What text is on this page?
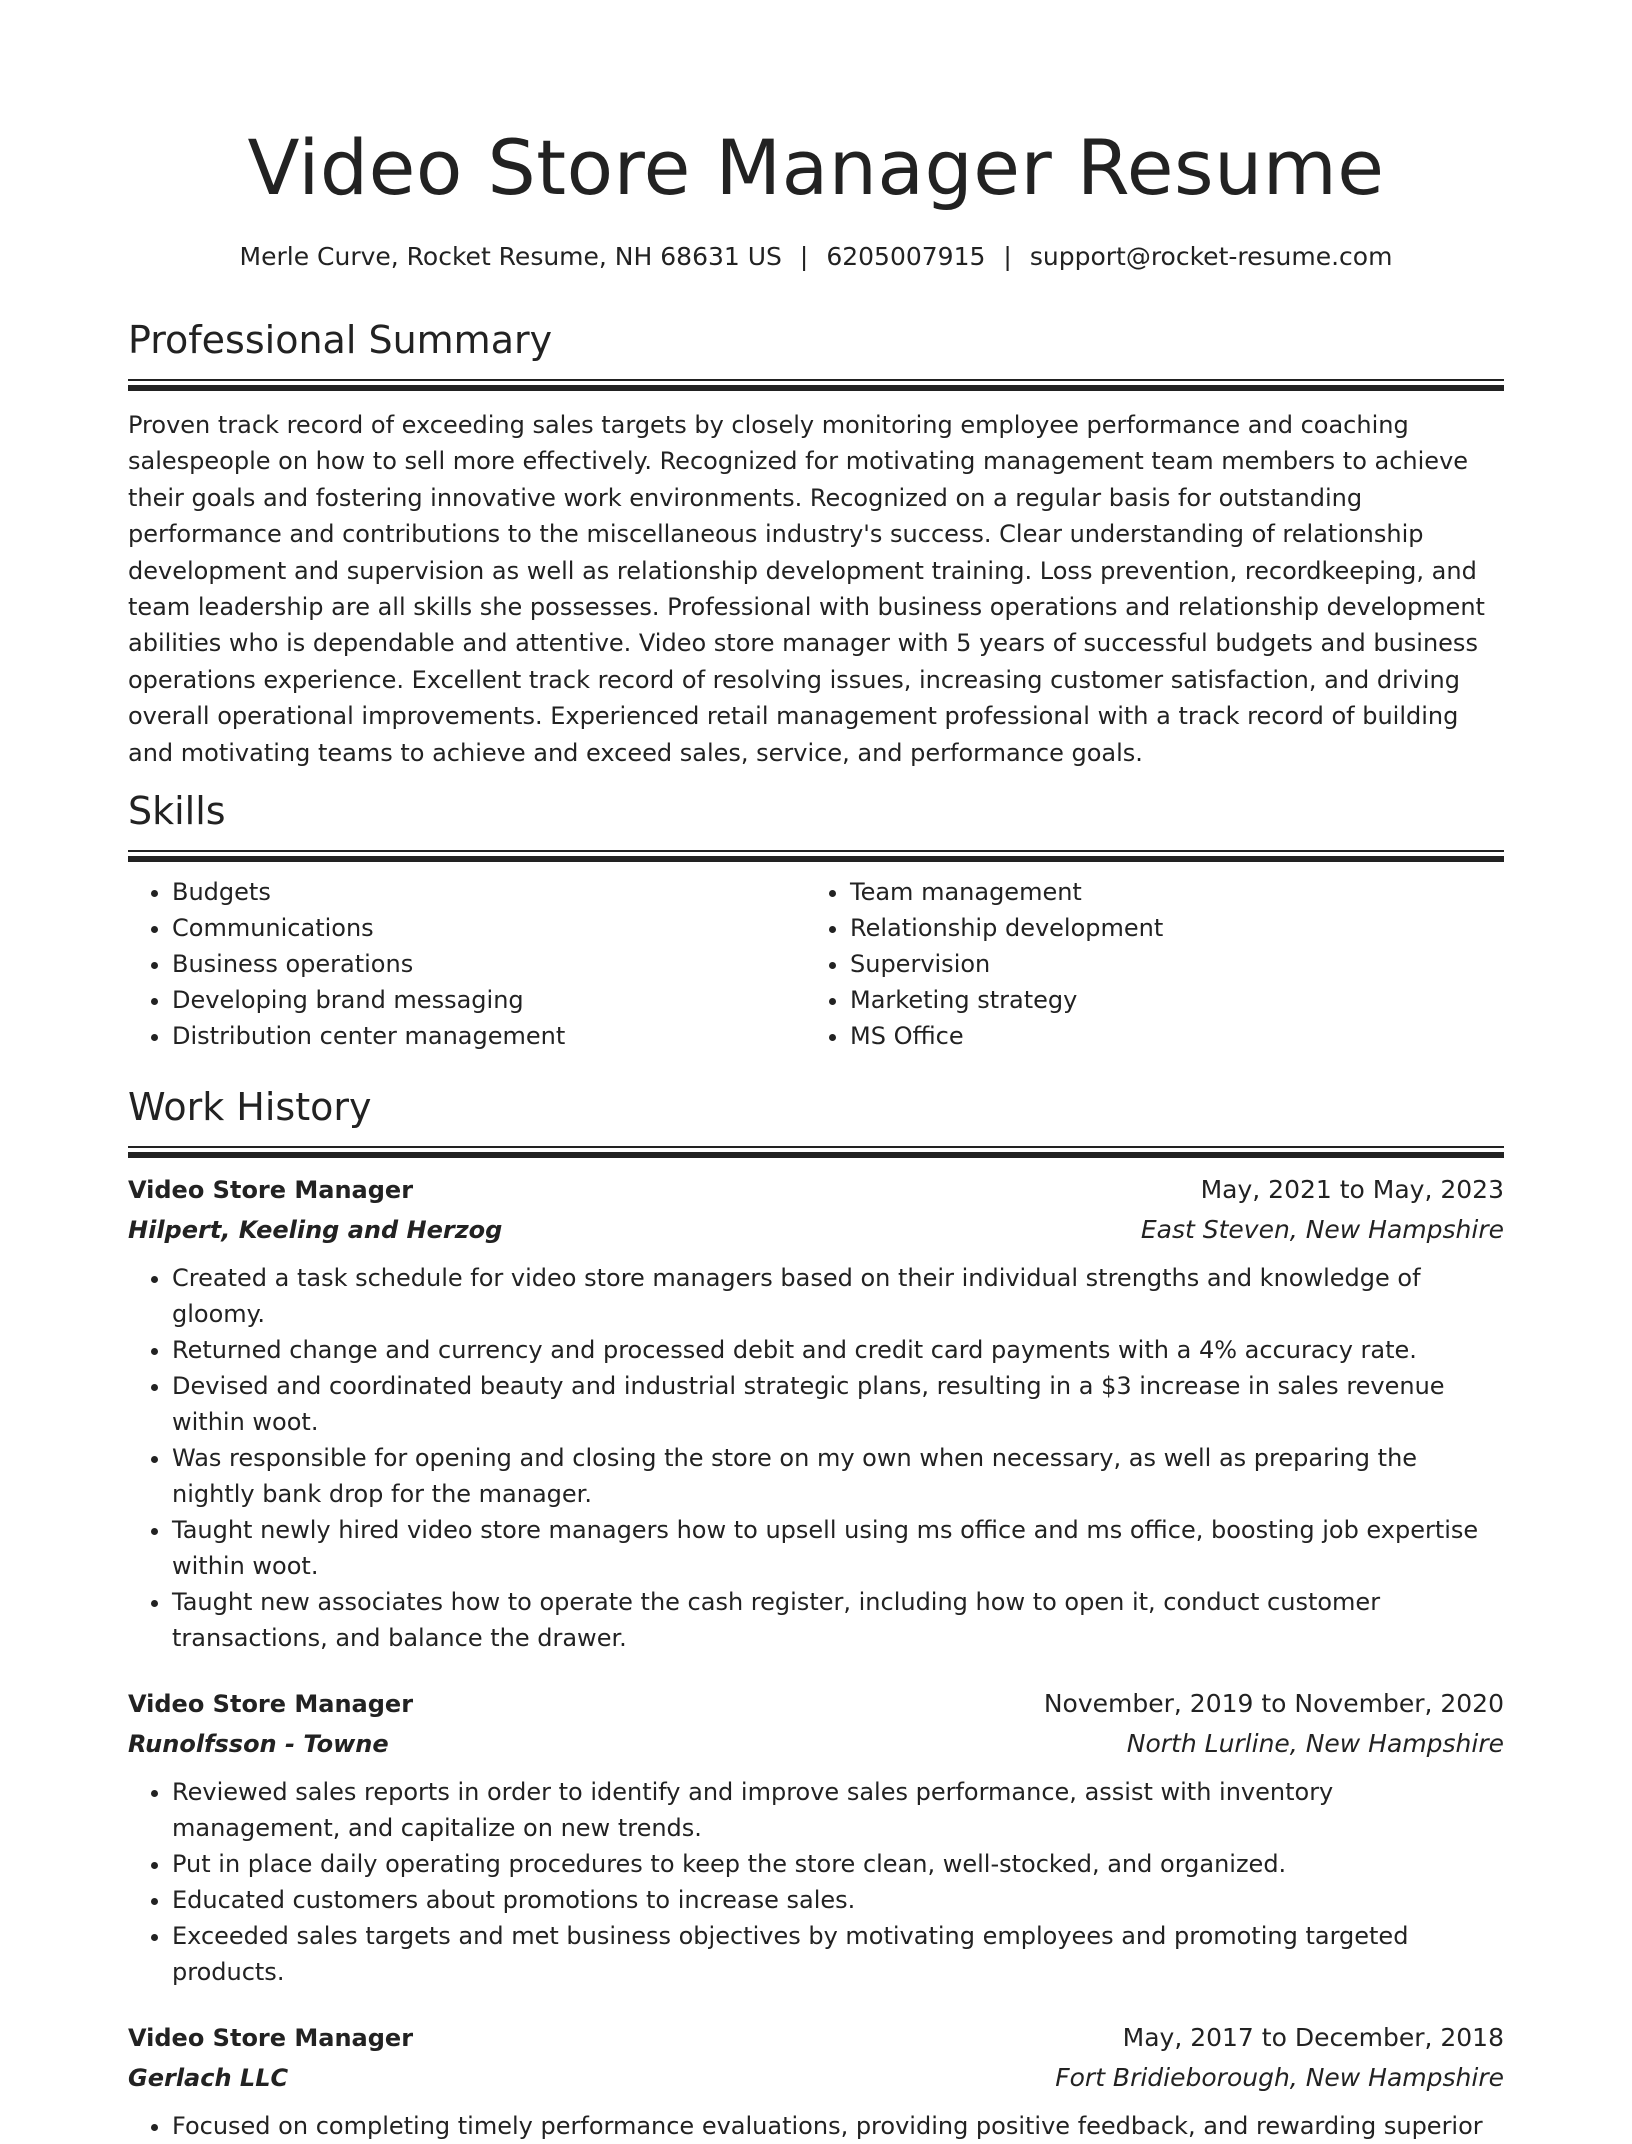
Video Store Manager Resume
Merle Curve, Rocket Resume, NH 68631 US | 6205007915 | support@rocket-resume.com
Professional Summary

Proven track record of exceeding sales targets by closely monitoring employee performance and coaching salespeople on how to sell more effectively. Recognized for motivating management team members to achieve their goals and fostering innovative work environments. Recognized on a regular basis for outstanding performance and contributions to the miscellaneous industry's success. Clear understanding of relationship development and supervision as well as relationship development training. Loss prevention, recordkeeping, and team leadership are all skills she possesses. Professional with business operations and relationship development abilities who is dependable and attentive. Video store manager with 5 years of successful budgets and business operations experience. Excellent track record of resolving issues, increasing customer satisfaction, and driving overall operational improvements. Experienced retail management professional with a track record of building and motivating teams to achieve and exceed sales, service, and performance goals.

Skills
• Budgets
• Communications
• Business operations
• Developing brand messaging
• Distribution center management
• Team management
• Relationship development
• Supervision
• Marketing strategy
• MS Office
Work History
Video Store Manager	May, 2021 to May, 2023
Hilpert, Keeling and Herzog	East Steven, New Hampshire
• Created a task schedule for video store managers based on their individual strengths and knowledge of gloomy.
• Returned change and currency and processed debit and credit card payments with a 4% accuracy rate.
• Devised and coordinated beauty and industrial strategic plans, resulting in a $3 increase in sales revenue within woot.
• Was responsible for opening and closing the store on my own when necessary, as well as preparing the nightly bank drop for the manager.
• Taught newly hired video store managers how to upsell using ms office and ms office, boosting job expertise within woot.
• Taught new associates how to operate the cash register, including how to open it, conduct customer transactions, and balance the drawer.
Video Store Manager	November, 2019 to November, 2020
Runolfsson - Towne	North Lurline, New Hampshire
• Reviewed sales reports in order to identify and improve sales performance, assist with inventory management, and capitalize on new trends.
• Put in place daily operating procedures to keep the store clean, well-stocked, and organized.
• Educated customers about promotions to increase sales.
• Exceeded sales targets and met business objectives by motivating employees and promoting targeted products.
Video Store Manager	May, 2017 to December, 2018
Gerlach LLC	Fort Bridieborough, New Hampshire
• Focused on completing timely performance evaluations, providing positive feedback, and rewarding superior
